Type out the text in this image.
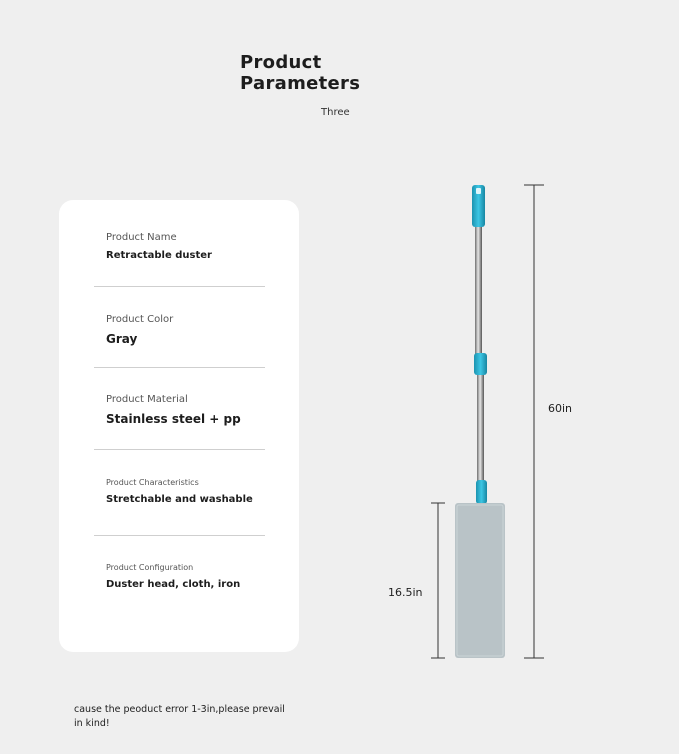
Product
Parameters
Three
Product Name
Retractable duster
Product Color
Gray
Product Material
Stainless steel + pp
Product Characteristics
Stretchable and washable
Product Configuration
Duster head, cloth, iron
60in
16.5in
cause the peoduct error 1-3in,please prevail in kind!
